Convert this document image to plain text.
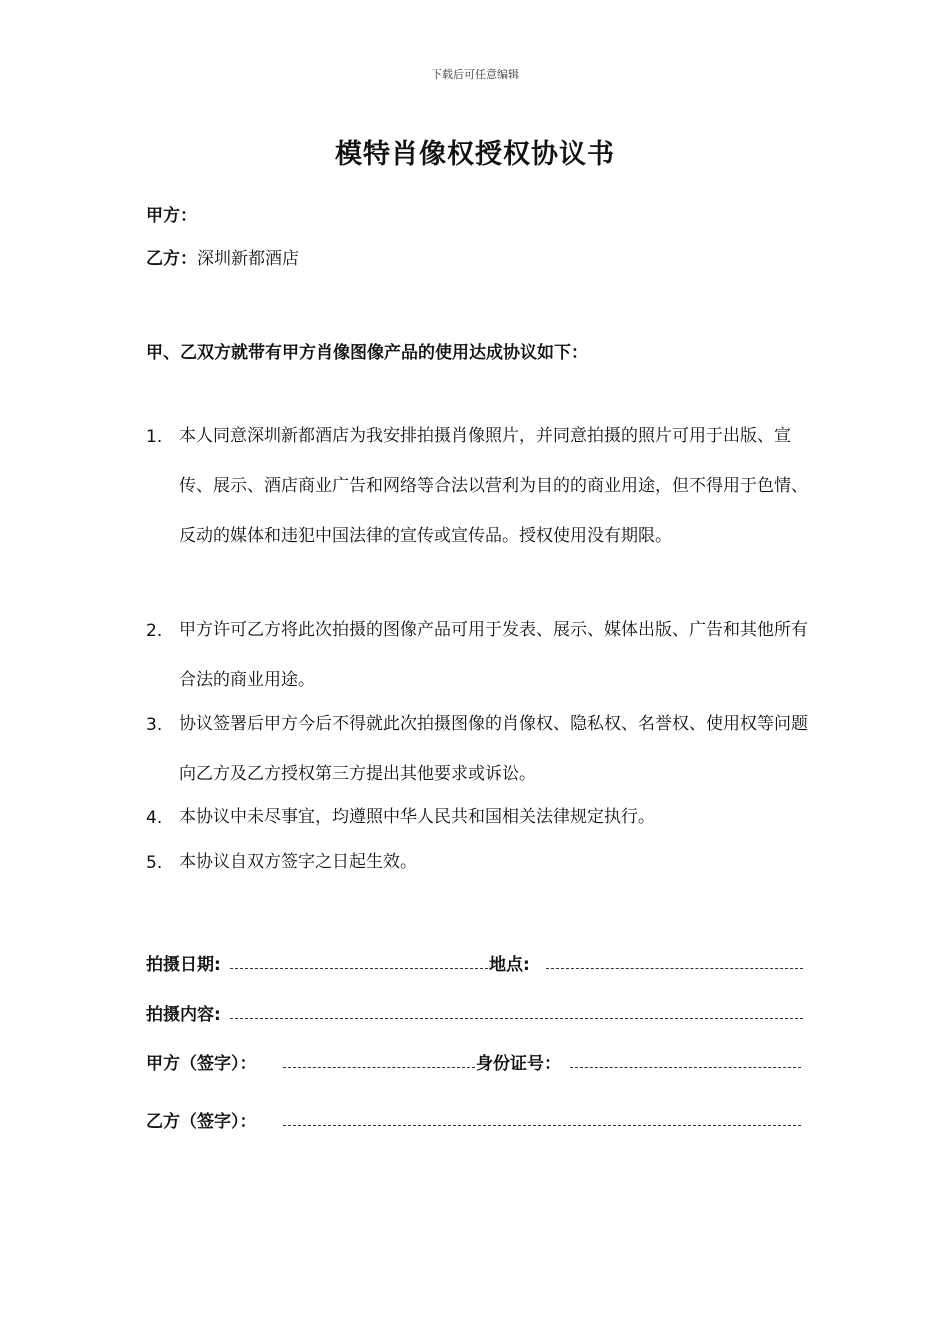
下载后可任意编辑
模特肖像权授权协议书
甲方：
乙方：深圳新都酒店
甲、乙双方就带有甲方肖像图像产品的使用达成协议如下：
1. 本人同意深圳新都酒店为我安排拍摄肖像照片，并同意拍摄的照片可用于出版、宣传、展示、酒店商业广告和网络等合法以营利为目的的商业用途，但不得用于色情、反动的媒体和违犯中国法律的宣传或宣传品。授权使用没有期限。
2. 甲方许可乙方将此次拍摄的图像产品可用于发表、展示、媒体出版、广告和其他所有合法的商业用途。
3. 协议签署后甲方今后不得就此次拍摄图像的肖像权、隐私权、名誉权、使用权等问题向乙方及乙方授权第三方提出其他要求或诉讼。
4. 本协议中未尽事宜，均遵照中华人民共和国相关法律规定执行。
5. 本协议自双方签字之日起生效。
拍摄日期:	地点:
拍摄内容:
甲方（签字）：	身份证号：
乙方（签字）：
